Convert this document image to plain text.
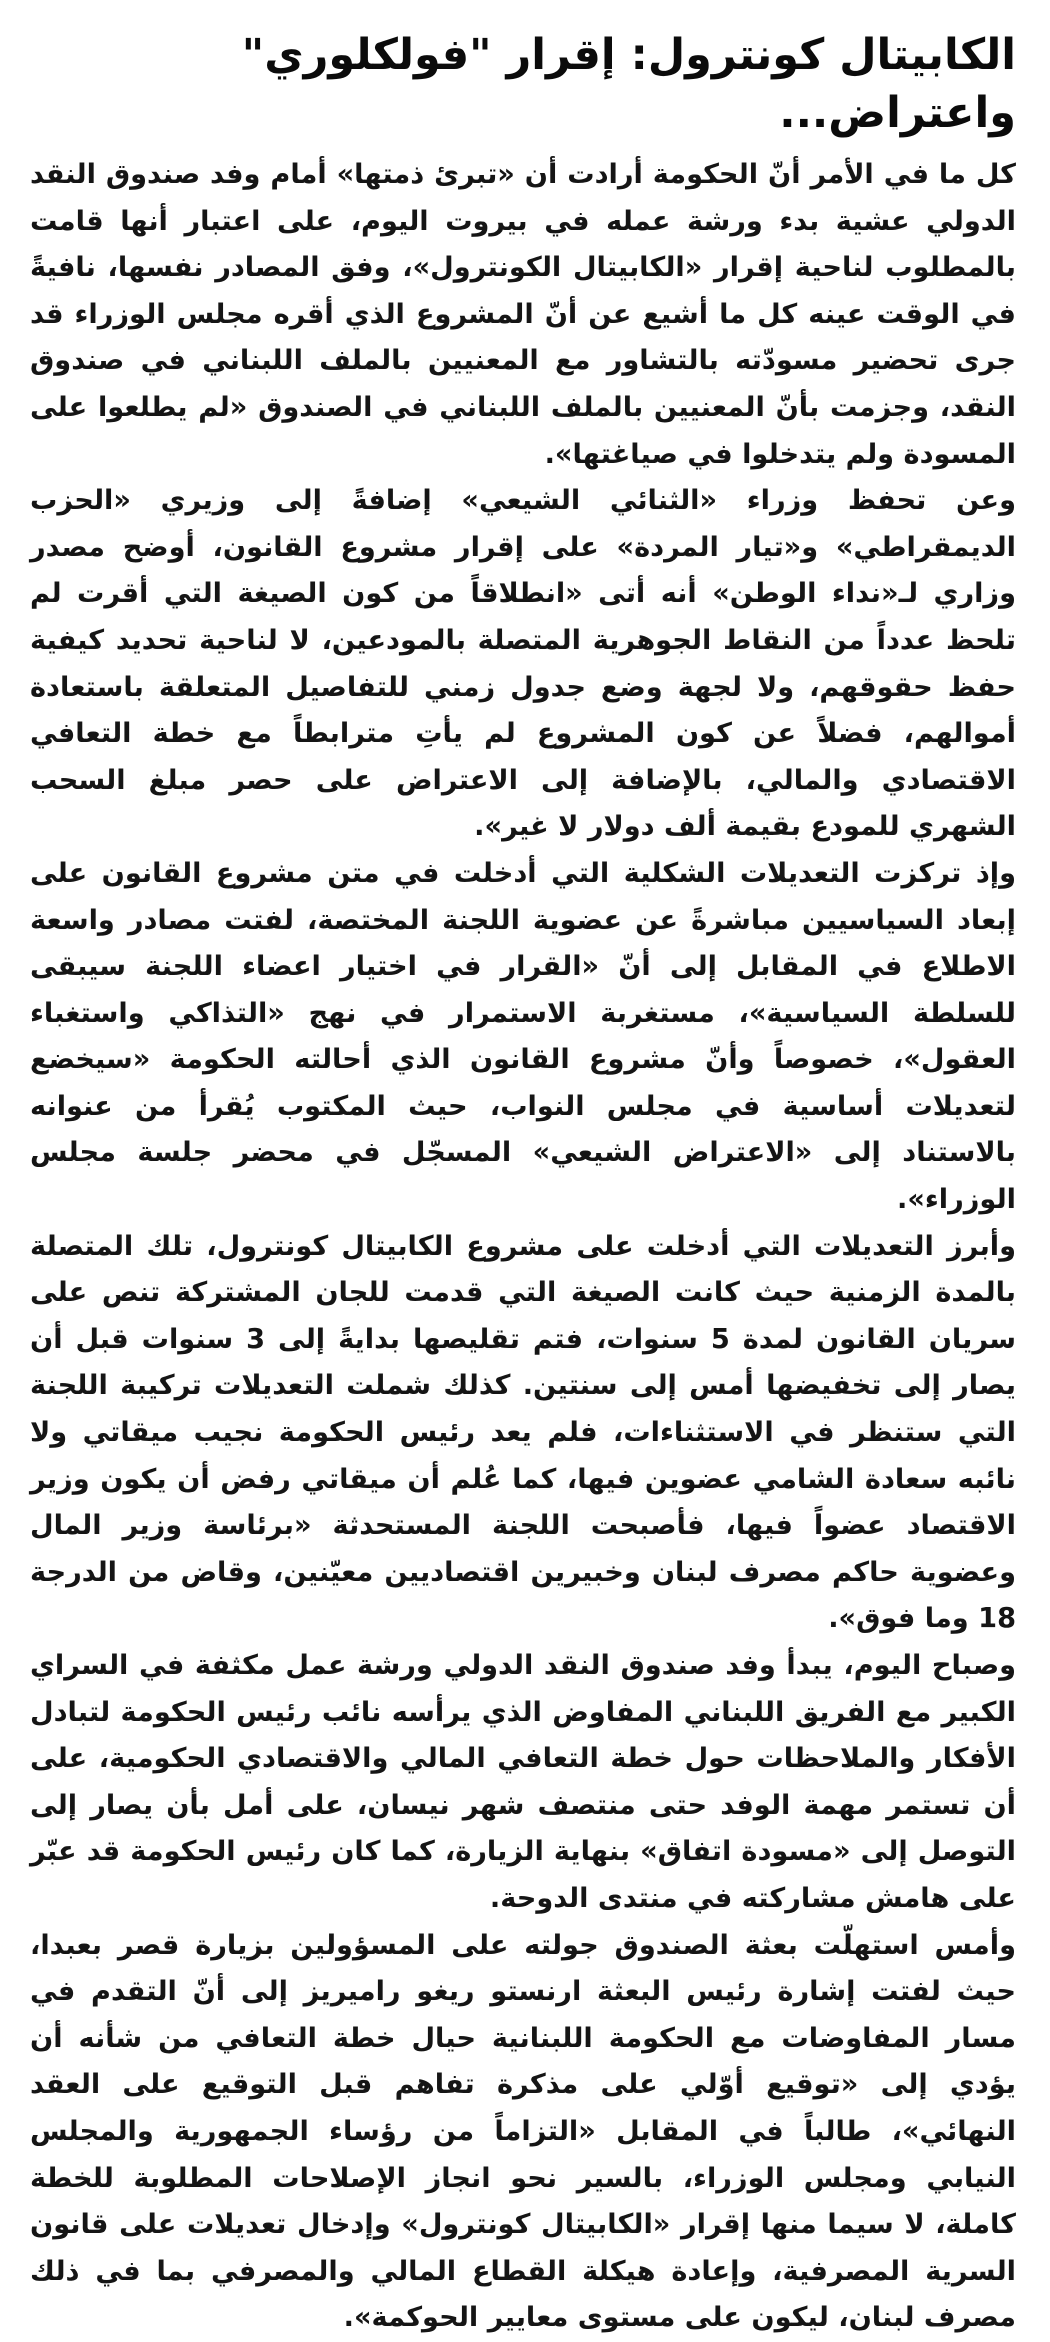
الكابيتال كونترول: إقرار "فولكلوري" واعتراض...

كل ما في الأمر أنّ الحكومة أرادت أن «تبرئ ذمتها» أمام وفد صندوق النقد الدولي عشية بدء ورشة عمله في بيروت اليوم، على اعتبار أنها قامت بالمطلوب لناحية إقرار «الكابيتال الكونترول»، وفق المصادر نفسها، نافيةً في الوقت عينه كل ما أشيع عن أنّ المشروع الذي أقره مجلس الوزراء قد جرى تحضير مسودّته بالتشاور مع المعنيين بالملف اللبناني في صندوق النقد، وجزمت بأنّ المعنيين بالملف اللبناني في الصندوق «لم يطلعوا على المسودة ولم يتدخلوا في صياغتها».

وعن تحفظ وزراء «الثنائي الشيعي» إضافةً إلى وزيري «الحزب الديمقراطي» و«تيار المردة» على إقرار مشروع القانون، أوضح مصدر وزاري لـ«نداء الوطن» أنه أتى «انطلاقاً من كون الصيغة التي أقرت لم تلحظ عدداً من النقاط الجوهرية المتصلة بالمودعين، لا لناحية تحديد كيفية حفظ حقوقهم، ولا لجهة وضع جدول زمني للتفاصيل المتعلقة باستعادة أموالهم، فضلاً عن كون المشروع لم يأتِ مترابطاً مع خطة التعافي الاقتصادي والمالي، بالإضافة إلى الاعتراض على حصر مبلغ السحب الشهري للمودع بقيمة ألف دولار لا غير».

وإذ تركزت التعديلات الشكلية التي أدخلت في متن مشروع القانون على إبعاد السياسيين مباشرةً عن عضوية اللجنة المختصة، لفتت مصادر واسعة الاطلاع في المقابل إلى أنّ «القرار في اختيار اعضاء اللجنة سيبقى للسلطة السياسية»، مستغربة الاستمرار في نهج «التذاكي واستغباء العقول»، خصوصاً وأنّ مشروع القانون الذي أحالته الحكومة «سيخضع لتعديلات أساسية في مجلس النواب، حيث المكتوب يُقرأ من عنوانه بالاستناد إلى «الاعتراض الشيعي» المسجّل في محضر جلسة مجلس الوزراء».

وأبرز التعديلات التي أدخلت على مشروع الكابيتال كونترول، تلك المتصلة بالمدة الزمنية حيث كانت الصيغة التي قدمت للجان المشتركة تنص على سريان القانون لمدة 5 سنوات، فتم تقليصها بدايةً إلى 3 سنوات قبل أن يصار إلى تخفيضها أمس إلى سنتين. كذلك شملت التعديلات تركيبة اللجنة التي ستنظر في الاستثناءات، فلم يعد رئيس الحكومة نجيب ميقاتي ولا نائبه سعادة الشامي عضوين فيها، كما عُلم أن ميقاتي رفض أن يكون وزير الاقتصاد عضواً فيها، فأصبحت اللجنة المستحدثة «برئاسة وزير المال وعضوية حاكم مصرف لبنان وخبيرين اقتصاديين معيّنين، وقاض من الدرجة 18 وما فوق».

وصباح اليوم، يبدأ وفد صندوق النقد الدولي ورشة عمل مكثفة في السراي الكبير مع الفريق اللبناني المفاوض الذي يرأسه نائب رئيس الحكومة لتبادل الأفكار والملاحظات حول خطة التعافي المالي والاقتصادي الحكومية، على أن تستمر مهمة الوفد حتى منتصف شهر نيسان، على أمل بأن يصار إلى التوصل إلى «مسودة اتفاق» بنهاية الزيارة، كما كان رئيس الحكومة قد عبّر على هامش مشاركته في منتدى الدوحة.

وأمس استهلّت بعثة الصندوق جولته على المسؤولين بزيارة قصر بعبدا، حيث لفتت إشارة رئيس البعثة ارنستو ريغو راميريز إلى أنّ التقدم في مسار المفاوضات مع الحكومة اللبنانية حيال خطة التعافي من شأنه أن يؤدي إلى «توقيع أوّلي على مذكرة تفاهم قبل التوقيع على العقد النهائي»، طالباً في المقابل «التزاماً من رؤساء الجمهورية والمجلس النيابي ومجلس الوزراء، بالسير نحو انجاز الإصلاحات المطلوبة للخطة كاملة، لا سيما منها إقرار «الكابيتال كونترول» وإدخال تعديلات على قانون السرية المصرفية، وإعادة هيكلة القطاع المالي والمصرفي بما في ذلك مصرف لبنان، ليكون على مستوى معايير الحوكمة».
